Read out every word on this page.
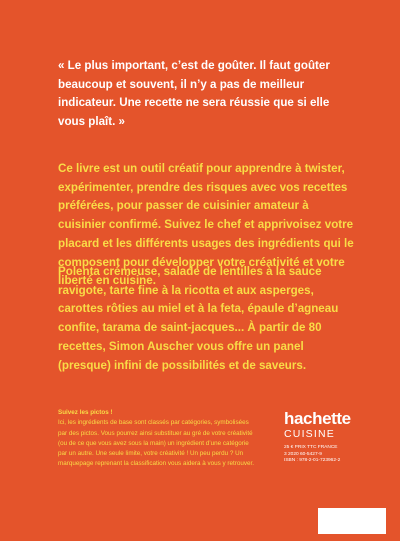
« Le plus important, c’est de goûter. Il faut goûter beaucoup et souvent, il n’y a pas de meilleur indicateur. Une recette ne sera réussie que si elle vous plaît. »

Ce livre est un outil créatif pour apprendre à twister, expérimenter, prendre des risques avec vos recettes préférées, pour passer de cuisinier amateur à cuisinier confirmé. Suivez le chef et apprivoisez votre placard et les différents usages des ingrédients qui le composent pour développer votre créativité et votre liberté en cuisine.

Polenta crémeuse, salade de lentilles à la sauce ravigote, tarte fine à la ricotta et aux asperges, carottes rôties au miel et à la feta, épaule d’agneau confite, tarama de saint-jacques... À partir de 80 recettes, Simon Auscher vous offre un panel (presque) infini de possibilités et de saveurs.

Suivez les pictos !
Ici, les ingrédients de base sont classés par catégories, symbolisées par des pictos. Vous pourrez ainsi substituer au gré de votre créativité (ou de ce que vous avez sous la main) un ingrédient d’une catégorie par un autre. Une seule limite, votre créativité ! Un peu perdu ? Un marquepage reprenant la classification vous aidera à vous y retrouver.
hachette
CUISINE
25 € PRIX TTC FRANCE
3 2020 60-5427-9
ISBN : 978-2-01-723962-2
